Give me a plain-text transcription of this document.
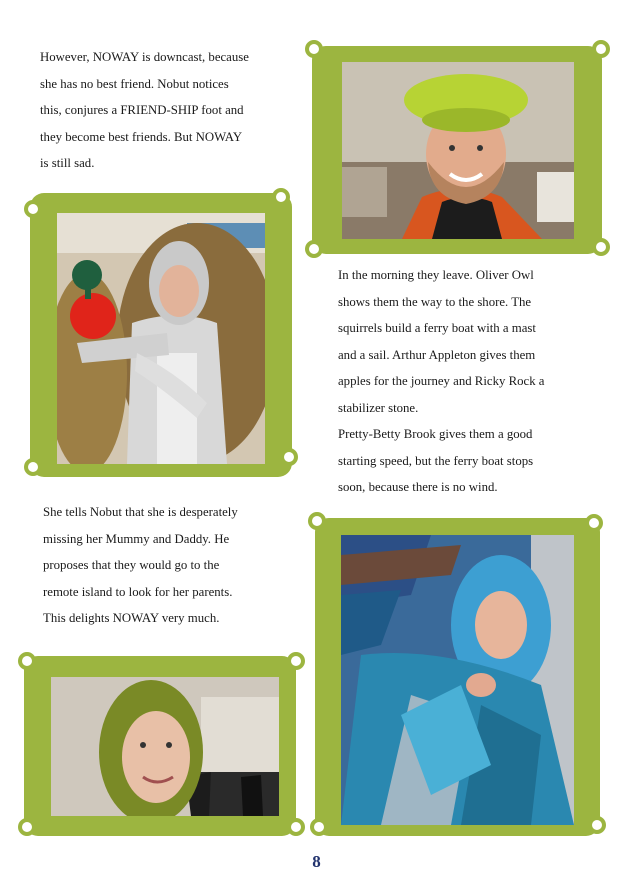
However, NOWAY is downcast, because

she has no best friend. Nobut notices

this, conjures a FRIEND-SHIP foot and

they become best friends. But NOWAY

is still sad.

In the morning they leave. Oliver Owl

shows them the way to the shore. The

squirrels build a ferry boat with a mast

and a sail. Arthur Appleton gives them

apples for the journey and Ricky Rock a

stabilizer stone.

Pretty-Betty Brook gives them a good

starting speed, but the ferry boat stops

soon, because there is no wind.

She tells Nobut that she is desperately

missing her Mummy and Daddy. He

proposes that they would go to the

remote island to look for her parents.

This delights NOWAY very much.

8
